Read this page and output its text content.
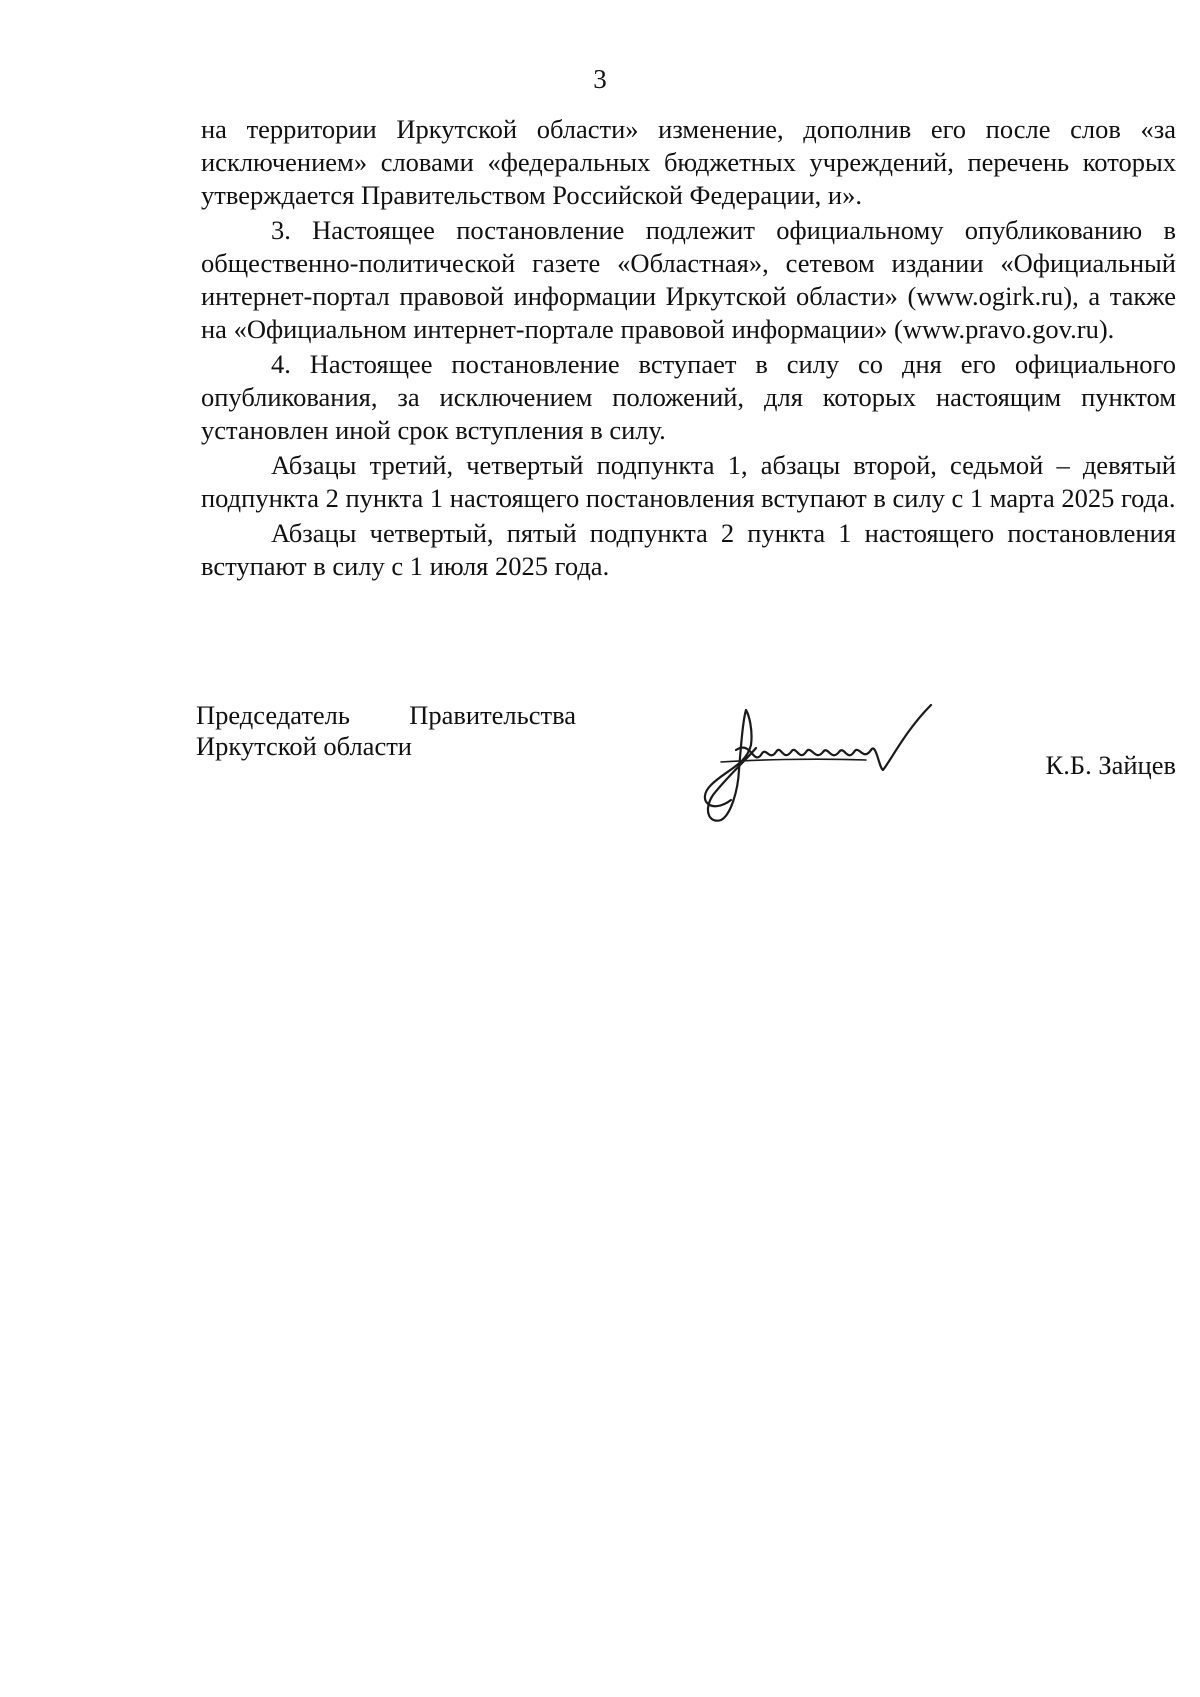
3

на территории Иркутской области» изменение, дополнив его после слов «за исключением» словами «федеральных бюджетных учреждений, перечень которых утверждается Правительством Российской Федерации, и».

3. Настоящее постановление подлежит официальному опубликованию в общественно-политической газете «Областная», сетевом издании «Официальный интернет-портал правовой информации Иркутской области» (www.ogirk.ru), а также на «Официальном интернет-портале правовой информации» (www.pravo.gov.ru).

4. Настоящее постановление вступает в силу со дня его официального опубликования, за исключением положений, для которых настоящим пунктом установлен иной срок вступления в силу.

Абзацы третий, четвертый подпункта 1, абзацы второй, седьмой – девятый подпункта 2 пункта 1 настоящего постановления вступают в силу с 1 марта 2025 года.

Абзацы четвертый, пятый подпункта 2 пункта 1 настоящего постановления вступают в силу с 1 июля 2025 года.

Председатель Правительства
Иркутской области
К.Б. Зайцев
